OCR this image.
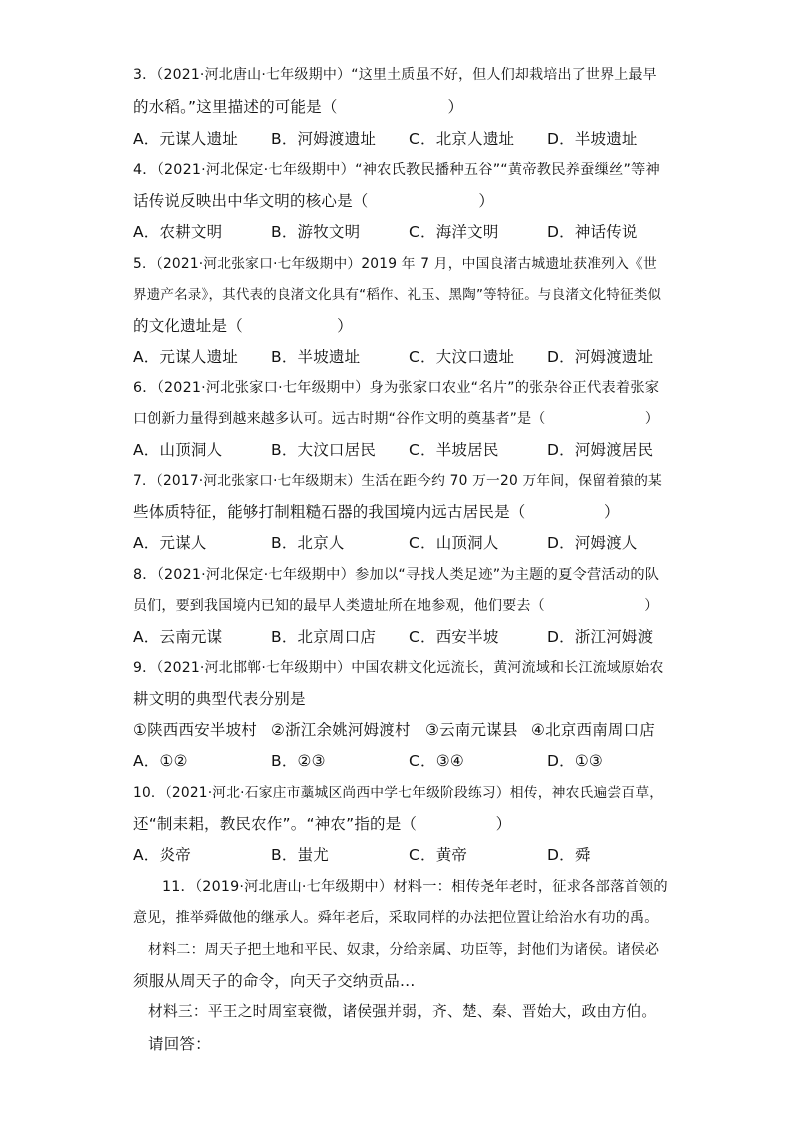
3．（2021·河北唐山·七年级期中）“这里土质虽不好，但人们却栽培出了世界上最早
的水稻。”这里描述的可能是（　　　　　　　）
A．元谋人遗址 B．河姆渡遗址 C．北京人遗址 D．半坡遗址
4．（2021·河北保定·七年级期中）“神农氏教民播种五谷”“黄帝教民养蚕缫丝”等神
话传说反映出中华文明的核心是（　　　　　　　）
A．农耕文明	B．游牧文明	C．海洋文明	D．神话传说
5．（2021·河北张家口·七年级期中）2019 年 7 月，中国良渚古城遗址获准列入《世
界遗产名录》，其代表的良渚文化具有“稻作、礼玉、黑陶”等特征。与良渚文化特征类似
的文化遗址是（　　　　　　）
A．元谋人遗址 B．半坡遗址	C．大汶口遗址 D．河姆渡遗址
6．（2021·河北张家口·七年级期中）身为张家口农业“名片”的张杂谷正代表着张家
口创新力量得到越来越多认可。远古时期“谷作文明的奠基者”是（　　　　　　　）
A．山顶洞人	B．大汶口居民 C．半坡居民	D．河姆渡居民
7．（2017·河北张家口·七年级期末）生活在距今约 70 万一20 万年间，保留着猿的某
些体质特征，能够打制粗糙石器的我国境内远古居民是（　　　　　）
A．元谋人	B．北京人	C．山顶洞人	D．河姆渡人
8．（2021·河北保定·七年级期中）参加以“寻找人类足迹”为主题的夏令营活动的队
员们，要到我国境内已知的最早人类遗址所在地参观，他们要去（　　　　　　　）
A．云南元谋	B．北京周口店 C．西安半坡	D．浙江河姆渡
9．（2021·河北邯郸·七年级期中）中国农耕文化远流长，黄河流域和长江流域原始农
耕文明的典型代表分别是
①陕西西安半坡村 ②浙江余姚河姆渡村 ③云南元谋县 ④北京西南周口店
A．①②	B．②③	C．③④	D．①③
10．（2021·河北·石家庄市藁城区尚西中学七年级阶段练习）相传，神农氏遍尝百草，
还“制耒耜，教民农作”。“神农”指的是（　　　　　）
A．炎帝	B．蚩尤	C．黄帝	D．舜
11．（2019·河北唐山·七年级期中）材料一：相传尧年老时，征求各部落首领的
意见，推举舜做他的继承人。舜年老后，采取同样的办法把位置让给治水有功的禹。
材料二：周天子把土地和平民、奴隶，分给亲属、功臣等，封他们为诸侯。诸侯必
须服从周天子的命令，向天子交纳贡品…
材料三：平王之时周室衰微，诸侯强并弱，齐、楚、秦、晋始大，政由方伯。
请回答：
